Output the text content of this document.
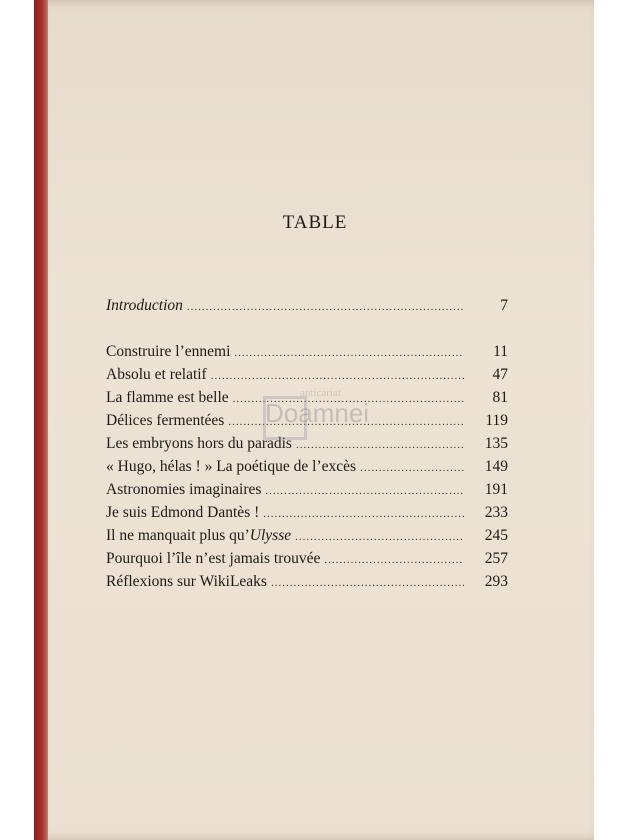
TABLE
Introduction .....	7
Construire l’ennemi .....	11
Absolu et relatif .....	47
La flamme est belle .....	81
Délices fermentées .....	119
Les embryons hors du paradis .....	135
« Hugo, hélas ! » La poétique de l’excès .....	149
Astronomies imaginaires .....	191
Je suis Edmond Dantès ! .....	233
Il ne manquait plus qu’Ulysse .....	245
Pourquoi l’île n’est jamais trouvée .....	257
Réflexions sur WikiLeaks .....	293
Doamnei
anticariat
